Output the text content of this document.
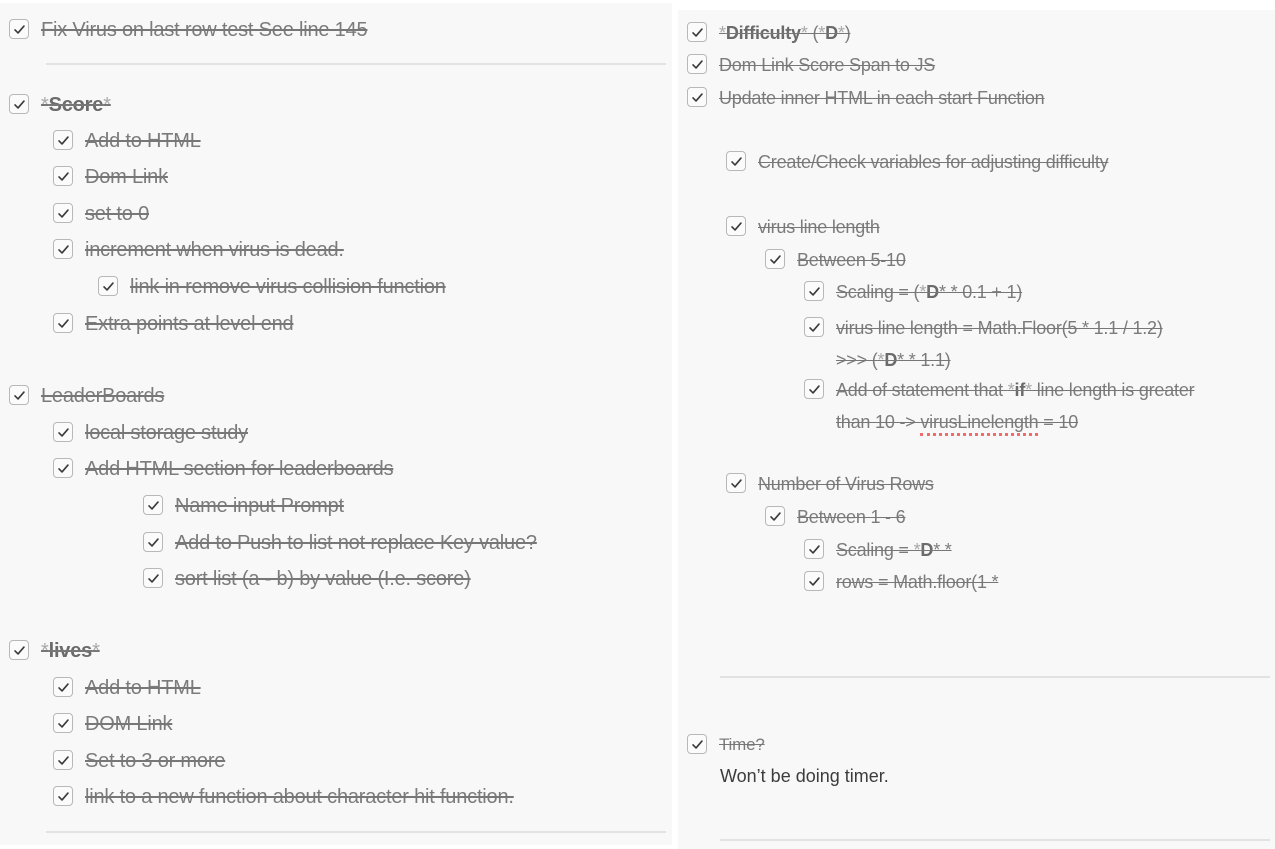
Fix Virus on last row test See line 145
*Score*
Add to HTML
Dom Link
set to 0
increment when virus is dead.
link in remove virus collision function
Extra points at level end
LeaderBoards
local storage study
Add HTML section for leaderboards
Name input Prompt
Add to Push to list not replace Key value?
sort list (a - b) by value (I.e. score)
*lives*
Add to HTML
DOM Link
Set to 3 or more
link to a new function about character hit function.
*Difficulty* (*D*)
Dom Link Score Span to JS
Update inner HTML in each start Function
Create/Check variables for adjusting difficulty
virus line length
Between 5-10
Scaling = (*D* * 0.1 + 1)
virus line length = Math.Floor(5 * 1.1 / 1.2)
>>> (*D* * 1.1)
Add of statement that *if* line length is greater
than 10 -> virusLinelength = 10
Number of Virus Rows
Between 1 - 6
Scaling = *D* *
rows = Math.floor(1 *
Time?
Won’t be doing timer.
